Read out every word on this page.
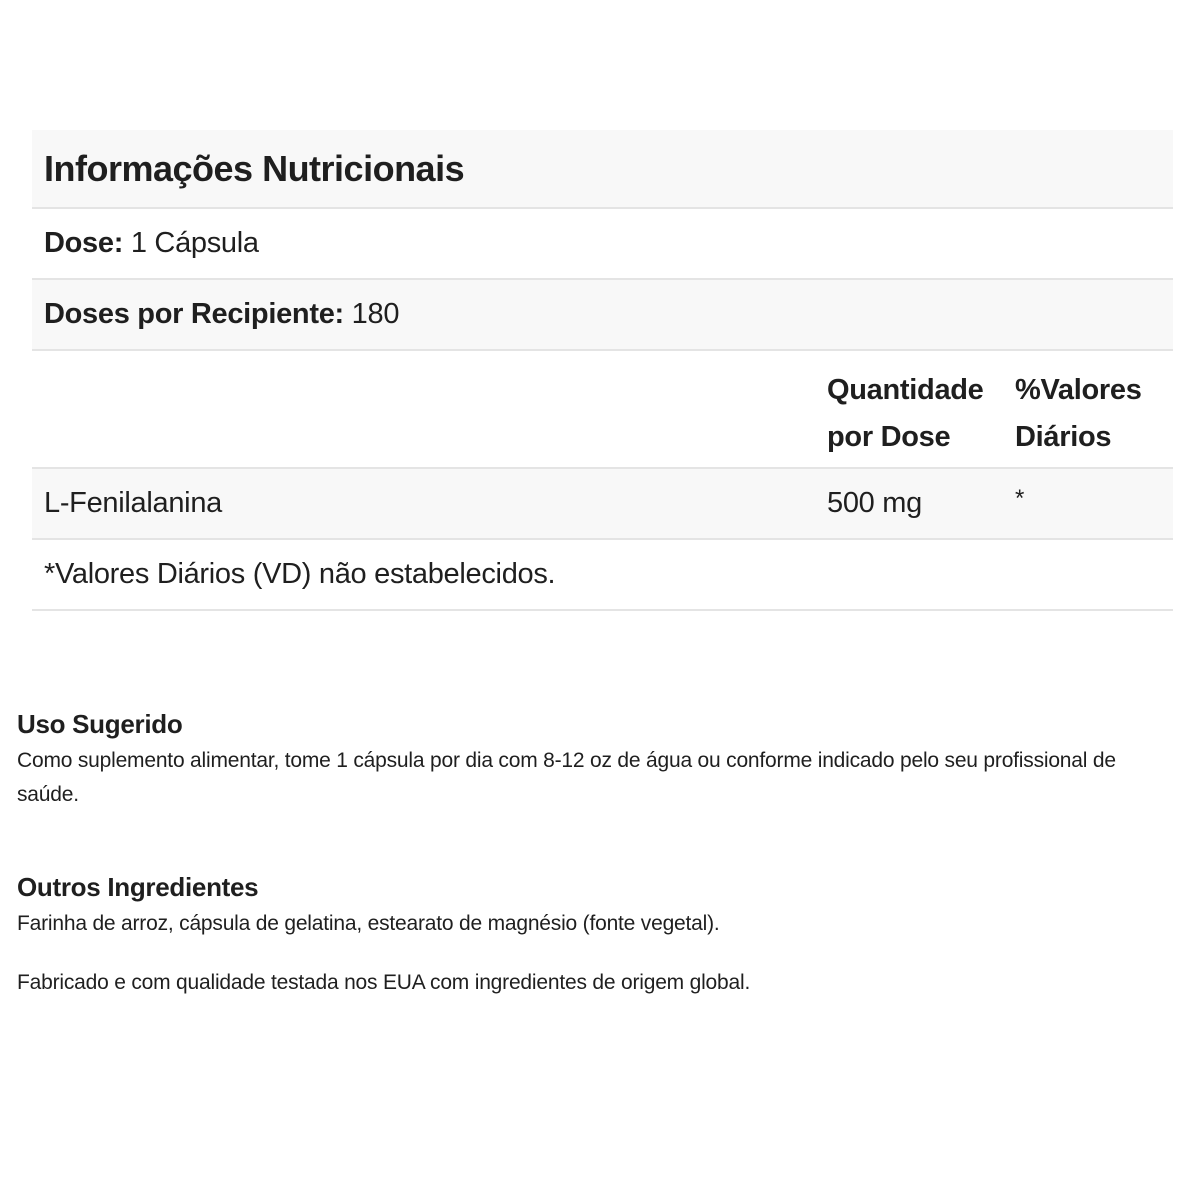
Informações Nutricionais
Dose:
1 Cápsula
Doses por Recipiente:
180
Quantidade
por Dose
%Valores
Diários
L-Fenilalanina	500 mg	*
*Valores Diários (VD) não estabelecidos.
Uso Sugerido

Como suplemento alimentar, tome 1 cápsula por dia com 8-12 oz de água ou conforme indicado pelo seu profissional de saúde.

Outros Ingredientes

Farinha de arroz, cápsula de gelatina, estearato de magnésio (fonte vegetal).

Fabricado e com qualidade testada nos EUA com ingredientes de origem global.
